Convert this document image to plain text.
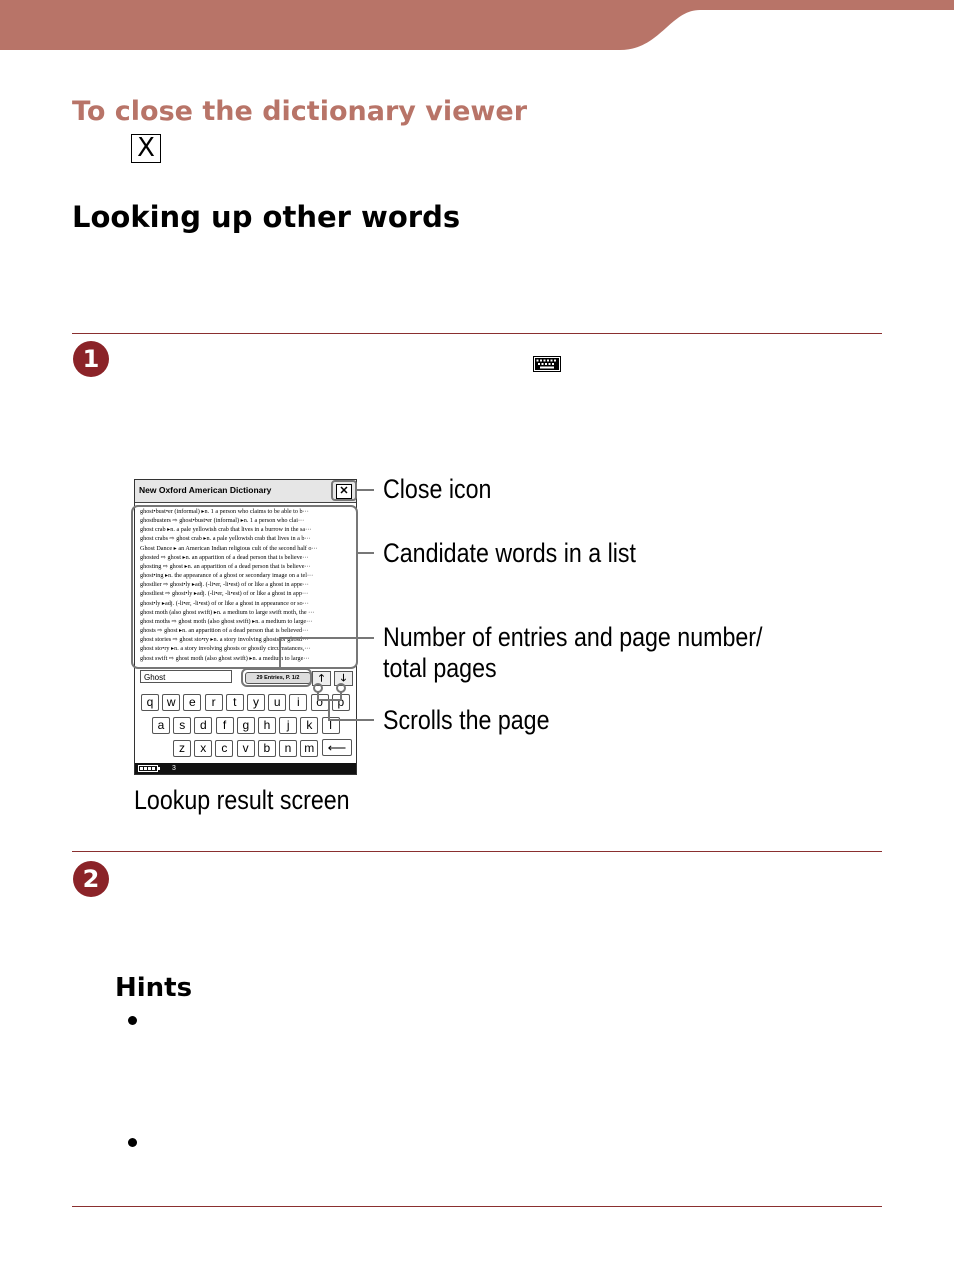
To close the dictionary viewer
X
Looking up other words
1
New Oxford American Dictionary	✕
ghost•bust•er (informal) ▸n. 1 a person who claims to be able to b···
ghostbusters ⇨ ghost•bust•er (informal) ▸n. 1 a person who clai···
ghost crab ▸n. a pale yellowish crab that lives in a burrow in the sa···
ghost crabs ⇨ ghost crab ▸n. a pale yellowish crab that lives in a b···
Ghost Dance ▸ an American Indian religious cult of the second half o···
ghosted ⇨ ghost ▸n. an apparition of a dead person that is believe···
ghosting ⇨ ghost ▸n. an apparition of a dead person that is believe···
ghost•ing ▸n. the appearance of a ghost or secondary image on a tel···
ghostlier ⇨ ghost•ly ▸adj. (-li•er, -li•est) of or like a ghost in appe···
ghostliest ⇨ ghost•ly ▸adj. (-li•er, -li•est) of or like a ghost in app···
ghost•ly ▸adj. (-li•er, -li•est) of or like a ghost in appearance or so···
ghost moth (also ghost swift) ▸n. a medium to large swift moth, the ···
ghost moths ⇨ ghost moth (also ghost swift) ▸n. a medium to large···
ghosts ⇨ ghost ▸n. an apparition of a dead person that is believed···
ghost stories ⇨ ghost sto•ry ▸n. a story involving ghosts or ghostl···
ghost sto•ry ▸n. a story involving ghosts or ghostly circumstances,···
ghost swift ⇨ ghost moth (also ghost swift) ▸n. a medium to large···
Ghost	29 Entries, P. 1/2	🡑	🡓
q	w	e	r	t	y	u	i	o	p
a	s	d	f	g	h	j	k	l
z	x	c	v	b	n	m	⟵
3
Close icon
Candidate words in a list
Number of entries and page number/
total pages
Scrolls the page
Lookup result screen
2
Hints
